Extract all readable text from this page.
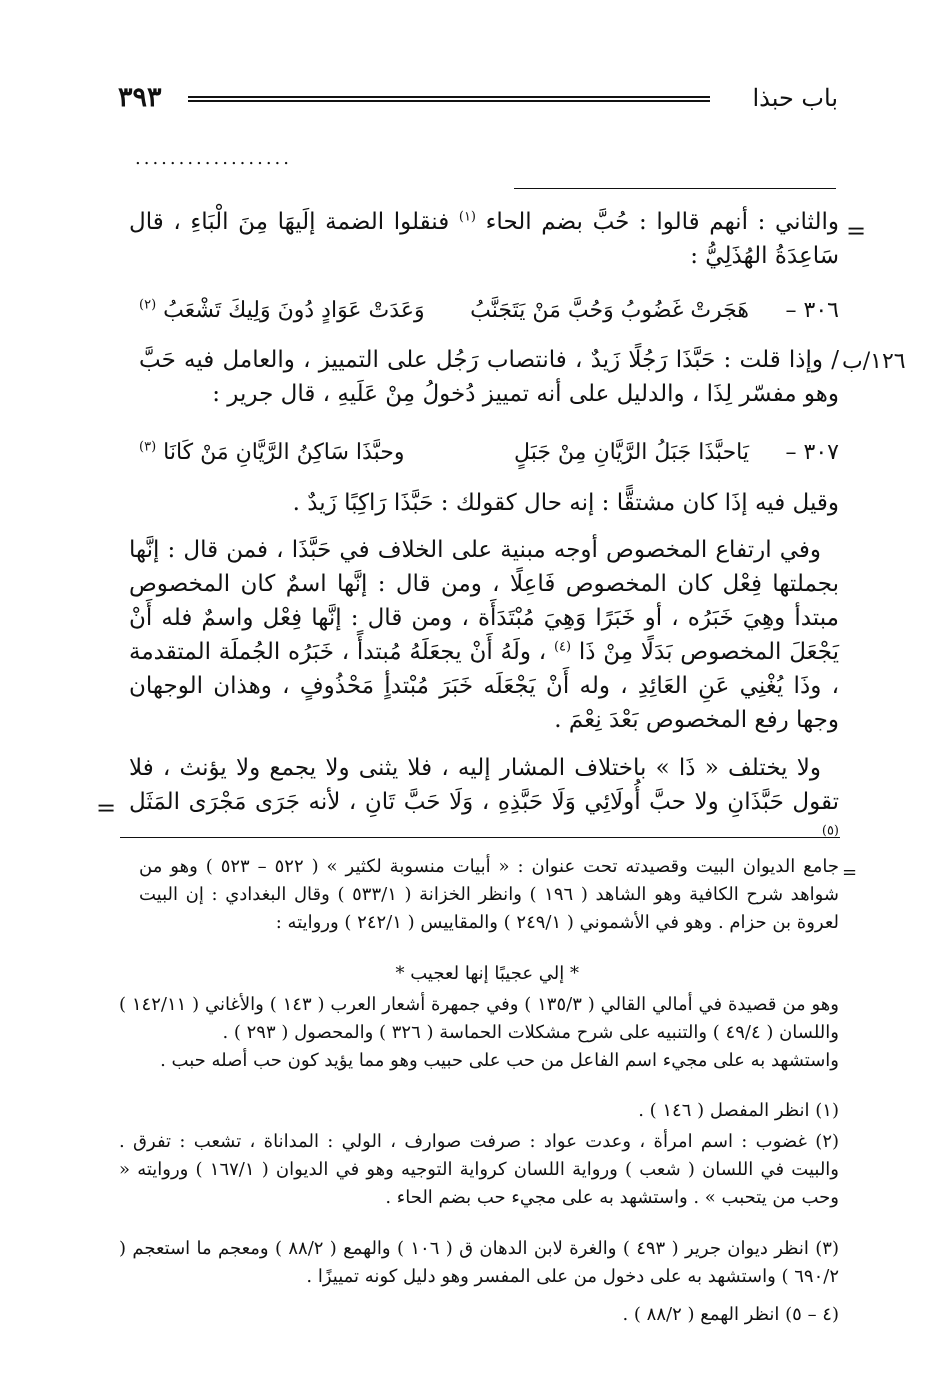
٣٩٣	باب حبذا
..................
=
والثاني : أنهم قالوا : حُبَّ بضم الحاء $^{(١)}$ فنقلوا الضمة إلَيهَا مِنَ الْبَاءِ ، قال سَاعِدَةُ الهُذَلِيُّ :
٣٠٦ –
هَجَرتْ غَضُوبُ وَحُبَّ مَنْ يَتَجَنَّبُ
وَعَدَتْ عَوَادٍ دُونَ وَلِيكَ تَشْعَبُ $^{(٢)}$
١٢٦/ب
/ وإذا قلت : حَبَّذَا رَجُلًا زَيدٌ ، فانتصاب رَجُل على التمييز ، والعامل فيه حَبَّ وهو مفسّر لِذَا ، والدليل على أنه تمييز دُخولُ مِنْ عَلَيهِ ، قال جرير :
٣٠٧ –
يَاحبَّذَا جَبَلُ الرَّيَّانِ مِنْ جَبَلٍ
وحبَّذَا سَاكِنُ الرَّيَّانِ مَنْ كَانَا $^{(٣)}$
وقيل فيه إذَا كان مشتقًّا : إنه حال كقولك : حَبَّذَا رَاكِبًا زَيدٌ .
وفي ارتفاع المخصوص أوجه مبنية على الخلاف في حَبَّذَا ، فمن قال : إنَّها بجملتها فِعْل كان المخصوص فَاعِلًا ، ومن قال : إنَّها اسمٌ كان المخصوص مبتدأ وهِيَ خَبَرُه ، أو خَبَرًا وَهِيَ مُبْتَدَأَة ، ومن قال : إنَّها فِعْل واسمٌ فله أَنْ يَجْعَلَ المخصوص بَدَلًا مِنْ ذَا $^{(٤)}$ ، ولَهُ أَنْ يجعَلَهُ مُبتدأً ، خَبَرُه الجُملَة المتقدمة ، وذَا يُغْنِي عَنِ العَائِدِ ، وله أَنْ يَجْعَلَه خَبَرَ مُبْتدأٍ مَحْذُوفٍ ، وهذان الوجهان وجها رفع المخصوص بَعْدَ نِعْمَ .
ولا يختلف « ذَا » باختلاف المشار إليه ، فلا يثنى ولا يجمع ولا يؤنث ، فلا تقول حَبَّذَانِ ولا حبَّ أُولَائِي وَلَا حَبَّذِهِ ، وَلَا حَبَّ تَانِ ، لأنه جَرَى مَجْرَى المَثَل $^{(٥)}$
=
=
جامع الديوان البيت وقصيدته تحت عنوان : « أبيات منسوبة لكثير » ( ٥٢٢ – ٥٢٣ ) وهو من شواهد شرح الكافية وهو الشاهد ( ١٩٦ ) وانظر الخزانة ( ٥٣٣/١ ) وقال البغدادي : إن البيت لعروة بن حزام . وهو في الأشموني ( ٢٤٩/١ ) والمقاييس ( ٢٤٢/١ ) وروايته :
* إلي عجيبًا إنها لعجيب *
وهو من قصيدة في أمالي القالي ( ١٣٥/٣ ) وفي جمهرة أشعار العرب ( ١٤٣ ) والأغاني ( ١٤٢/١١ ) واللسان ( ٤٩/٤ ) والتنبيه على شرح مشكلات الحماسة ( ٣٢٦ ) والمحصول ( ٢٩٣ ) .
واستشهد به على مجيء اسم الفاعل من حب على حبيب وهو مما يؤيد كون حب أصله حبب .
(١) انظر المفصل ( ١٤٦ ) .
(٢) غضوب : اسم امرأة ، وعدت عواد : صرفت صوارف ، الولي : المداناة ، تشعب : تفرق . والبيت في اللسان ( شعب ) ورواية اللسان كرواية التوجيه وهو في الديوان ( ١٦٧/١ ) وروايته « وحب من يتحبب » . واستشهد به على مجيء حب بضم الحاء .
(٣) انظر ديوان جرير ( ٤٩٣ ) والغرة لابن الدهان ق ( ١٠٦ ) والهمع ( ٨٨/٢ ) ومعجم ما استعجم ( ٦٩٠/٢ ) واستشهد به على دخول من على المفسر وهو دليل كونه تمييزًا .
(٤ – ٥) انظر الهمع ( ٨٨/٢ ) .
